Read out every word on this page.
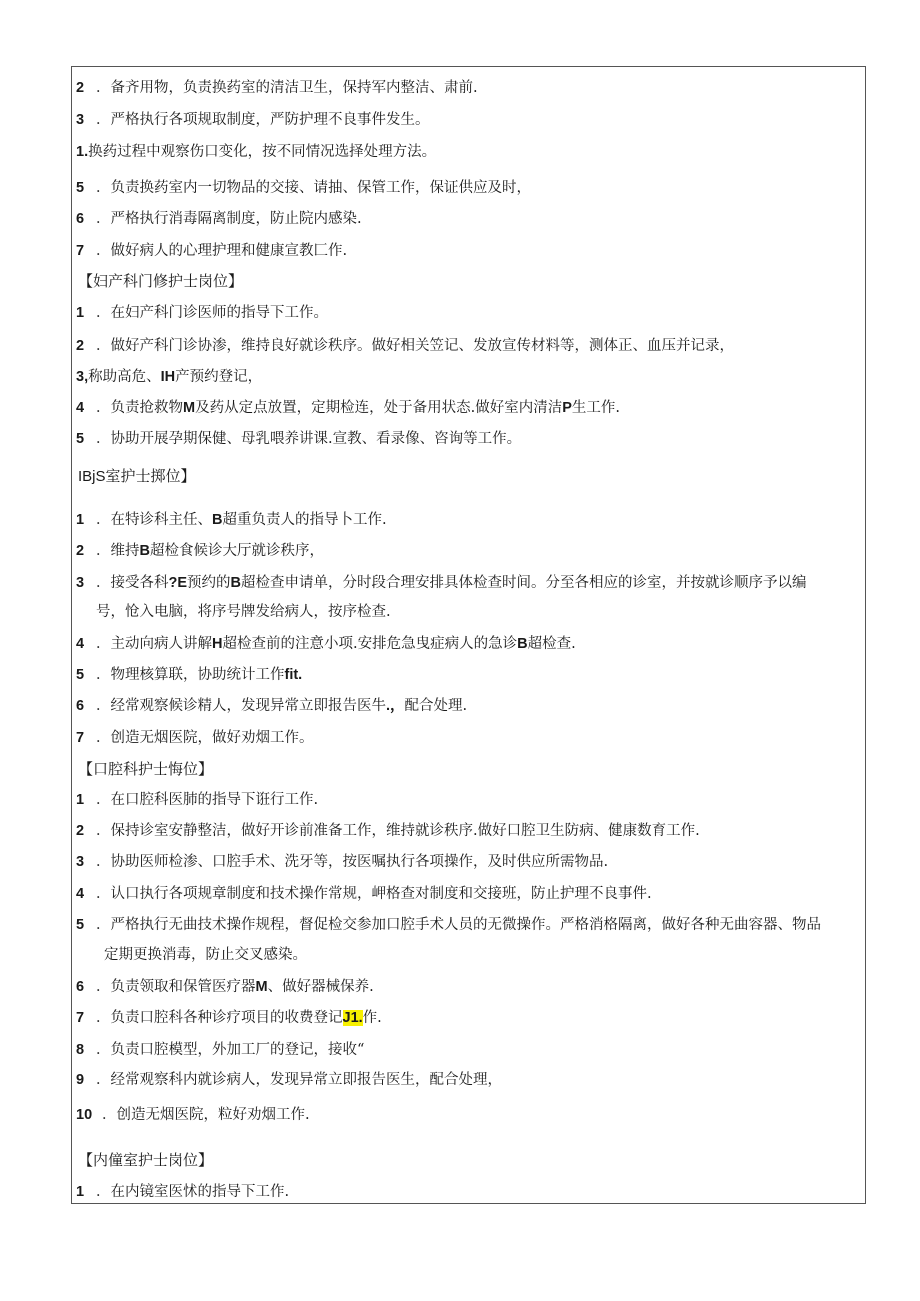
2 ．备齐用物，负责换药室的清洁卫生，保持军内整洁、肃前.
3 ．严格执行各项规取制度，严防护理不良事件发生。
1.换药过程中观察伤口变化，按不同情况选择处理方法。
5 ．负责换药室内一切物品的交接、请抽、保管工作，保证供应及时，
6 ．严格执行消毒隔离制度，防止院内感染.
7 ．做好病人的心理护理和健康宣教匚作.
【妇产科门修护士岗位】
1 ．在妇产科门诊医师的指导下工作。
2 ．做好产科门诊协渗，维持良好就诊秩序。做好相关笠记、发放宣传材料等，测体正、血压并记录，
3,称助高危、IH产预约登记，
4 ．负责抢救物M及药从定点放置，定期检连，处于备用状态.做好室内清洁P生工作.
5 ．协助开展孕期保健、母乳喂养讲课.宣教、看录像、咨询等工作。
IBjS室护士掷位】
1 ．在特诊科主任、B超重负责人的指导卜工作.
2 ．维持B超检食候诊大厅就诊秩序，
3 ．接受各科?E预约的B超检查申请单，分时段合理安排具体检查时间。分至各相应的诊室，并按就诊顺序予以编
号，怆入电脑，将序号牌发给病人，按序检查.
4 ．主动向病人讲解H超检查前的注意小项.安排危急曳症病人的急诊B超检查.
5 ．物理核算联，协助统计工作fit.
6 ．经常观察候诊精人，发现异常立即报告医牛.，配合处理.
7 ．创造无烟医院，做好劝烟工作。
【口腔科护士悔位】
1 ．在口腔科医肺的指导下诳行工作.
2 ．保持诊室安静整洁，做好开诊前准备工作，维持就诊秩序.做好口腔卫生防病、健康数育工作.
3 ．协助医师检渗、口腔手术、洗牙等，按医嘱执行各项操作，及时供应所需物品.
4 ．认口执行各项规章制度和技术操作常规，岬格查对制度和交接班，防止护理不良事件.
5 ．严格执行无曲技术操作规程，督促检交参加口腔手术人员的无微操作。严格消格隔离，做好各种无曲容器、物品
定期更换消毒，防止交叉感染。
6 ．负责领取和保管医疗器M、做好器械保养.
7 ．负责口腔科各种诊疗项目的收费登记J1.作.
8 ．负责口腔模型，外加工厂的登记，接收“
9 ．经常观察科内就诊病人，发现异常立即报告医生，配合处理，
10 ．创造无烟医院，粒好劝烟工作.
【内僮室护士岗位】
1 ．在内镜室医怵的指导下工作.
